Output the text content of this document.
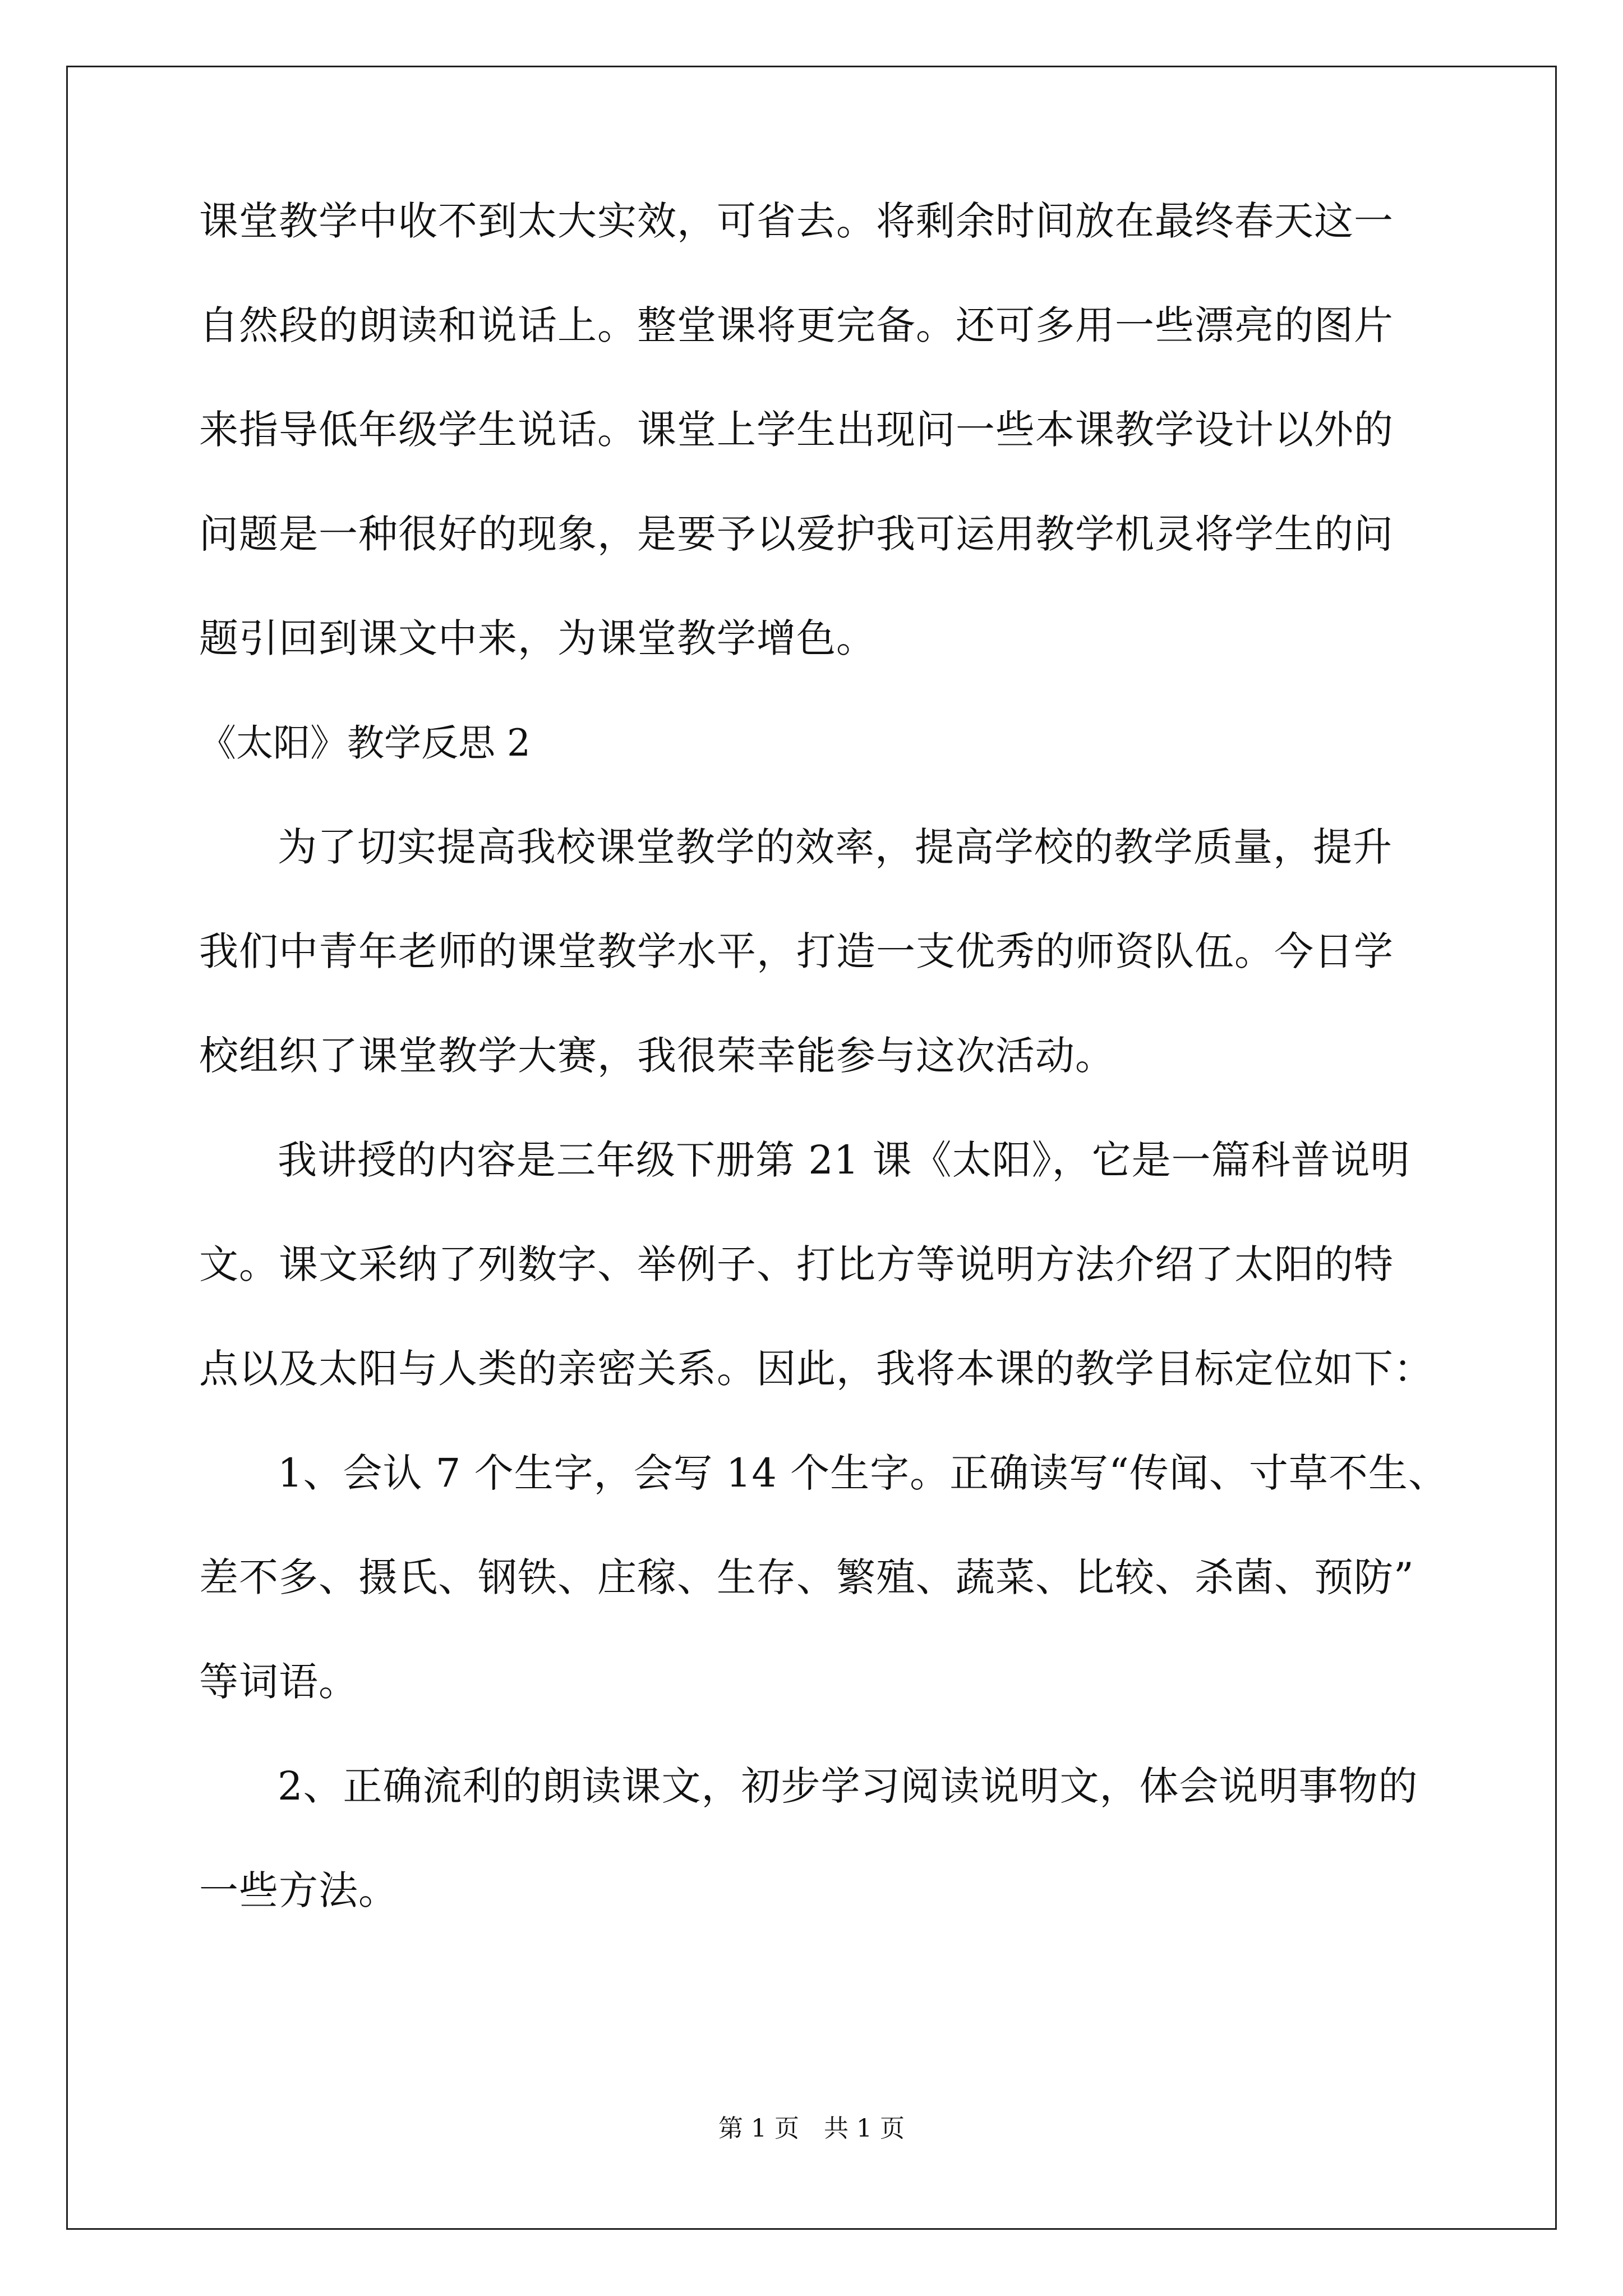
课堂教学中收不到太大实效，可省去。将剩余时间放在最终春天这一
自然段的朗读和说话上。整堂课将更完备。还可多用一些漂亮的图片
来指导低年级学生说话。课堂上学生出现问一些本课教学设计以外的
问题是一种很好的现象，是要予以爱护我可运用教学机灵将学生的问
题引回到课文中来，为课堂教学增色。
《太阳》教学反思 2
为了切实提高我校课堂教学的效率，提高学校的教学质量，提升
我们中青年老师的课堂教学水平，打造一支优秀的师资队伍。今日学
校组织了课堂教学大赛，我很荣幸能参与这次活动。
我讲授的内容是三年级下册第 21 课《太阳》，它是一篇科普说明
文。课文采纳了列数字、举例子、打比方等说明方法介绍了太阳的特
点以及太阳与人类的亲密关系。因此，我将本课的教学目标定位如下：
1、会认 7 个生字，会写 14 个生字。正确读写“传闻、寸草不生、
差不多、摄氏、钢铁、庄稼、生存、繁殖、蔬菜、比较、杀菌、预防”
等词语。
2、正确流利的朗读课文，初步学习阅读说明文，体会说明事物的
一些方法。
第 1 页　共 1 页
